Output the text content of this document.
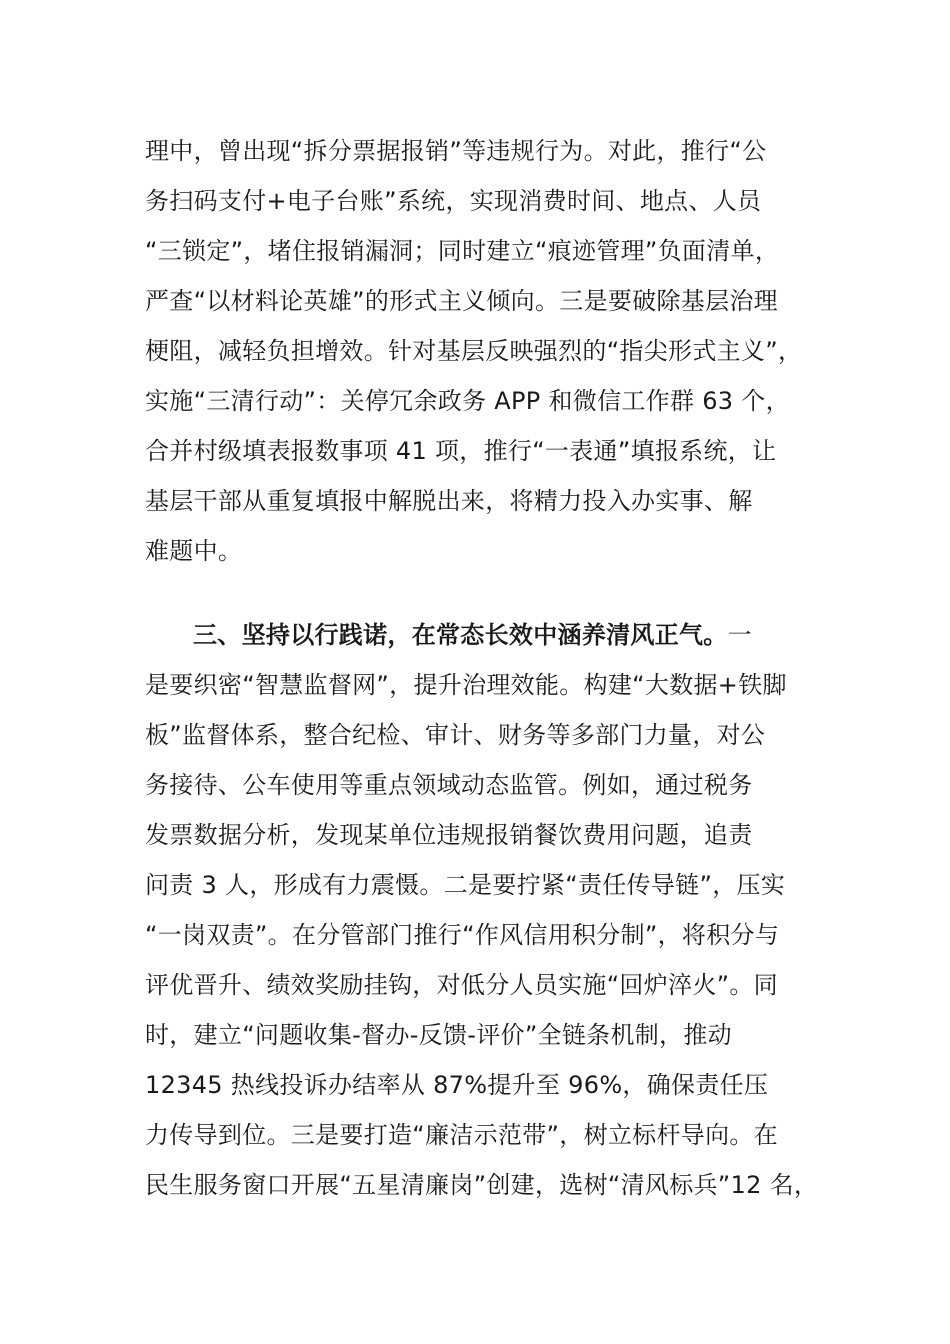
理中，曾出现“拆分票据报销”等违规行为。对此，推行“公
务扫码支付+电子台账”系统，实现消费时间、地点、人员
“三锁定”，堵住报销漏洞；同时建立“痕迹管理”负面清单，
严查“以材料论英雄”的形式主义倾向。三是要破除基层治理
梗阻，减轻负担增效。针对基层反映强烈的“指尖形式主义”，
实施“三清行动”：关停冗余政务 APP 和微信工作群 63 个，
合并村级填表报数事项 41 项，推行“一表通”填报系统，让
基层干部从重复填报中解脱出来，将精力投入办实事、解
难题中。
三、坚持以行践诺，在常态长效中涵养清风正气。一
是要织密“智慧监督网”，提升治理效能。构建“大数据+铁脚
板”监督体系，整合纪检、审计、财务等多部门力量，对公
务接待、公车使用等重点领域动态监管。例如，通过税务
发票数据分析，发现某单位违规报销餐饮费用问题，追责
问责 3 人，形成有力震慑。二是要拧紧“责任传导链”，压实
“一岗双责”。在分管部门推行“作风信用积分制”，将积分与
评优晋升、绩效奖励挂钩，对低分人员实施“回炉淬火”。同
时，建立“问题收集-督办-反馈-评价”全链条机制，推动
12345 热线投诉办结率从 87%提升至 96%，确保责任压
力传导到位。三是要打造“廉洁示范带”，树立标杆导向。在
民生服务窗口开展“五星清廉岗”创建，选树“清风标兵”12 名，
